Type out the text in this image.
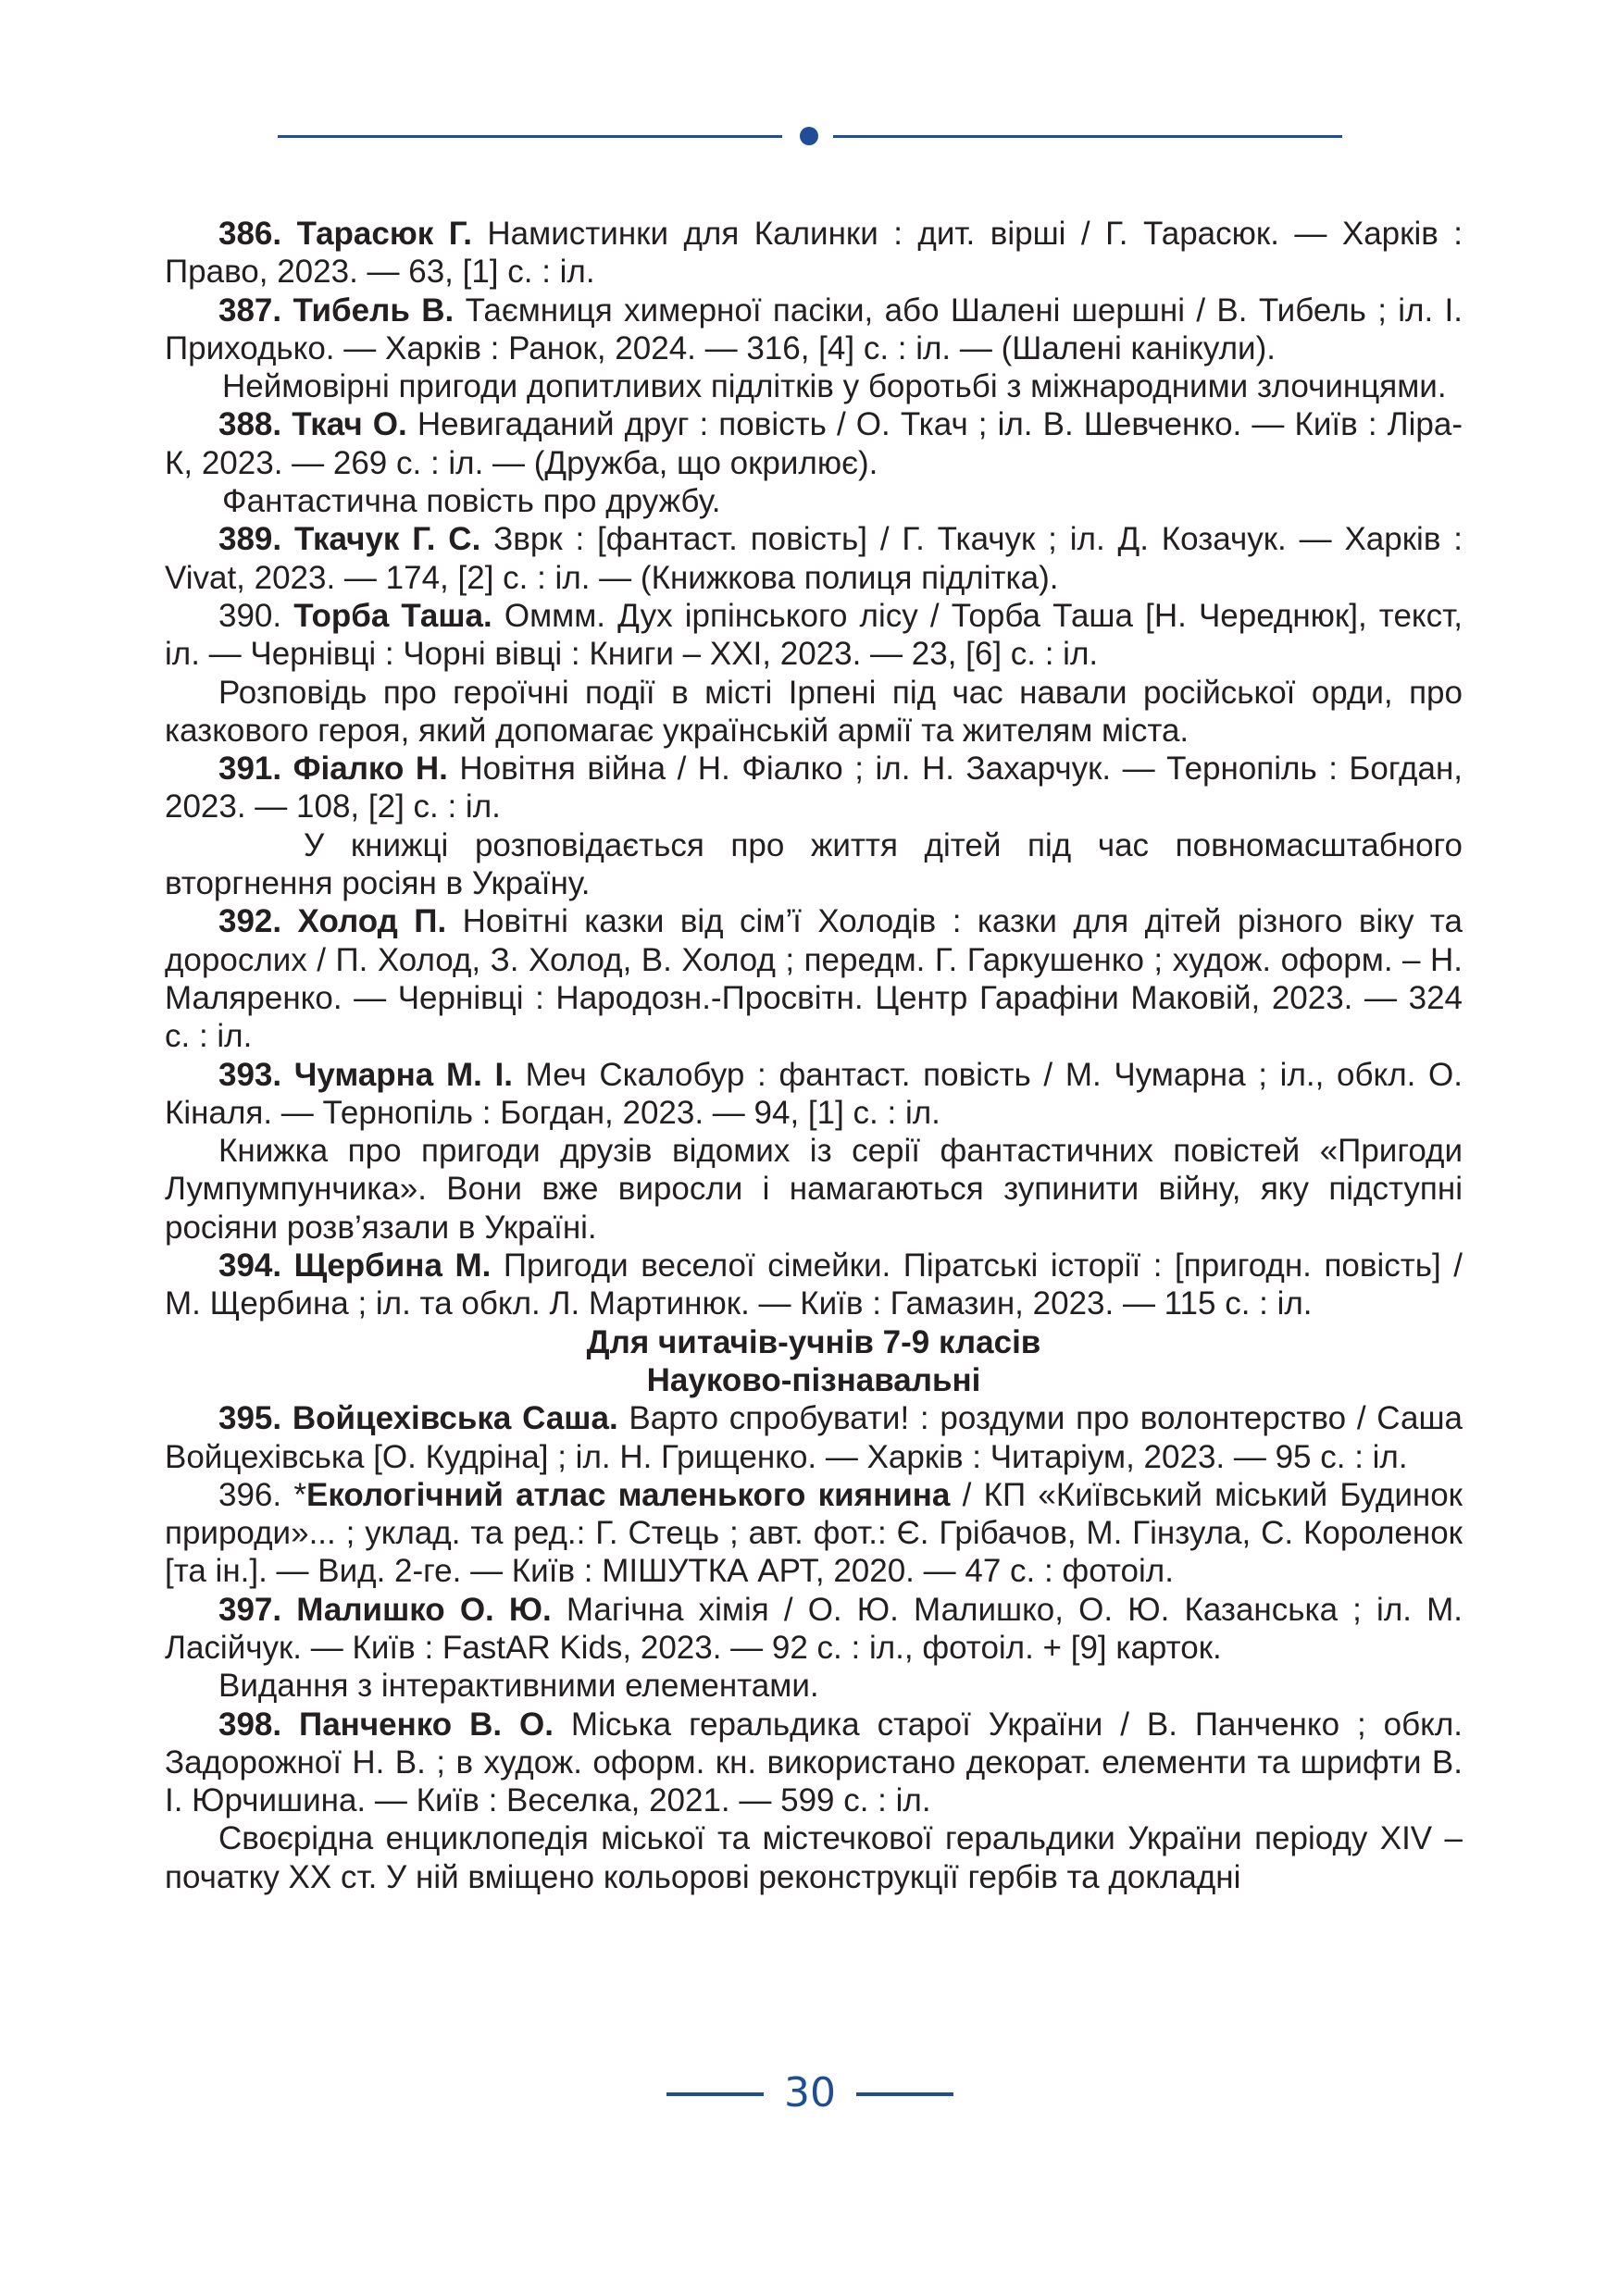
386. Тарасюк Г. Намистинки для Калинки : дит. вірші / Г. Тарасюк. — Харків : Право, 2023. — 63, [1] с. : іл.

387. Тибель В. Таємниця химерної пасіки, або Шалені шершні / В. Тибель ; іл. І. Приходько. — Харків : Ранок, 2024. — 316, [4] с. : іл. — (Шалені канікули).

Неймовірні пригоди допитливих підлітків у боротьбі з міжнародними злочинцями.

388. Ткач О. Невигаданий друг : повість / О. Ткач ; іл. В. Шевченко. — Київ : Ліра-К, 2023. — 269 с. : іл. — (Дружба, що окрилює).

Фантастична повість про дружбу.

389. Ткачук Г. С. Зврк : [фантаст. повість] / Г. Ткачук ; іл. Д. Козачук. — Харків : Vivat, 2023. — 174, [2] с. : іл. — (Книжкова полиця підлітка).

390. Торба Таша. Оммм. Дух ірпінського лісу / Торба Таша [Н. Череднюк], текст, іл. — Чернівці : Чорні вівці : Книги – ХХІ, 2023. — 23, [6] с. : іл.

Розповідь про героїчні події в місті Ірпені під час навали російської орди, про казкового героя, який допомагає українській армії та жителям міста.

391. Фіалко Н. Новітня війна / Н. Фіалко ; іл. Н. Захарчук. — Тернопіль : Богдан, 2023. — 108, [2] с. : іл.

У книжці розповідається про життя дітей під час повномасштабного вторгнення росіян в Україну.

392. Холод П. Новітні казки від сім’ї Холодів : казки для дітей різного віку та дорослих / П. Холод, З. Холод, В. Холод ; передм. Г. Гаркушенко ; худож. оформ. – Н. Маляренко. — Чернівці : Народозн.-Просвітн. Центр Гарафіни Маковій, 2023. — 324 с. : іл.

393. Чумарна М. І. Меч Скалобур : фантаст. повість / М. Чумарна ; іл., обкл. О. Кіналя. — Тернопіль : Богдан, 2023. — 94, [1] с. : іл.

Книжка про пригоди друзів відомих із серії фантастичних повістей «Пригоди Лумпумпунчика». Вони вже виросли і намагаються зупинити війну, яку підступні росіяни розв’язали в Україні.

394. Щербина М. Пригоди веселої сімейки. Піратські історії : [пригодн. повість] / М. Щербина ; іл. та обкл. Л. Мартинюк. — Київ : Гамазин, 2023. — 115 с. : іл.

Для читачів-учнів 7-9 класів

Науково-пізнавальні

395. Войцехівська Саша. Варто спробувати! : роздуми про волонтерство / Саша Войцехівська [О. Кудріна] ; іл. Н. Грищенко. — Харків : Читаріум, 2023. — 95 с. : іл.

396. *Екологічний атлас маленького киянина / КП «Київський міський Будинок природи»... ; уклад. та ред.: Г. Стець ; авт. фот.: Є. Грібачов, М. Гінзула, С. Короленок [та ін.]. — Вид. 2-ге. — Київ : МІШУТКА АРТ, 2020. — 47 с. : фотоіл.

397. Малишко О. Ю. Магічна хімія / О. Ю. Малишко, О. Ю. Казанська ; іл. М. Ласійчук. — Київ : FastAR Kids, 2023. — 92 с. : іл., фотоіл. + [9] карток.

Видання з інтерактивними елементами.

398. Панченко В. О. Міська геральдика старої України / В. Панченко ; обкл. Задорожної Н. В. ; в худож. оформ. кн. використано декорат. елементи та шрифти В. І. Юрчишина. — Київ : Веселка, 2021. — 599 с. : іл.

Своєрідна енциклопедія міської та містечкової геральдики України періоду XIV – початку XX ст. У ній вміщено кольорові реконструкції гербів та докладні

30
